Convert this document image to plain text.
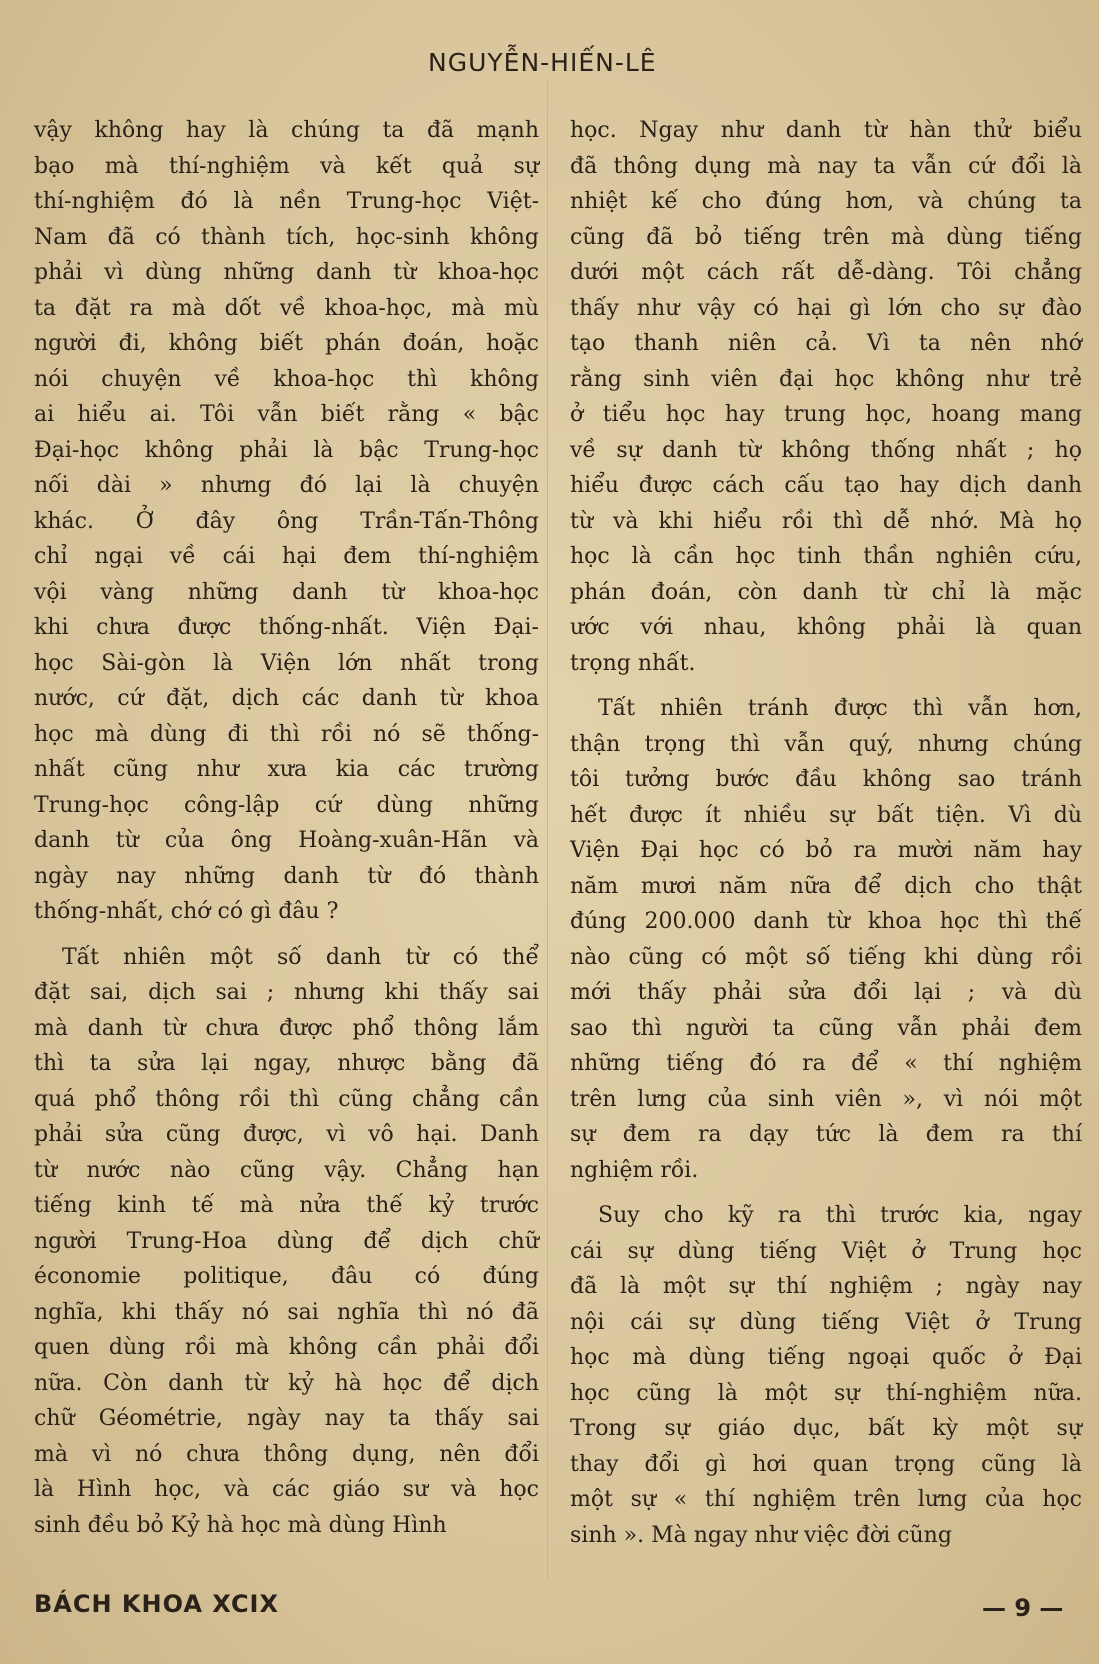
NGUYỄN-HIẾN-LÊ
vậy không hay là chúng ta đã mạnh
bạo mà thí-nghiệm và kết quả sự
thí-nghiệm đó là nền Trung-học Việt-
Nam đã có thành tích, học-sinh không
phải vì dùng những danh từ khoa-học
ta đặt ra mà dốt về khoa-học, mà mù
người đi, không biết phán đoán, hoặc
nói chuyện về khoa-học thì không
ai hiểu ai. Tôi vẫn biết rằng « bậc
Đại-học không phải là bậc Trung-học
nối dài » nhưng đó lại là chuyện
khác. Ở đây ông Trần-Tấn-Thông
chỉ ngại về cái hại đem thí-nghiệm
vội vàng những danh từ khoa-học
khi chưa được thống-nhất. Viện Đại-
học Sài-gòn là Viện lớn nhất trong
nước, cứ đặt, dịch các danh từ khoa
học mà dùng đi thì rồi nó sẽ thống-
nhất cũng như xưa kia các trường
Trung-học công-lập cứ dùng những
danh từ của ông Hoàng-xuân-Hãn và
ngày nay những danh từ đó thành
thống-nhất, chớ có gì đâu ?
Tất nhiên một số danh từ có thể
đặt sai, dịch sai ; nhưng khi thấy sai
mà danh từ chưa được phổ thông lắm
thì ta sửa lại ngay, nhược bằng đã
quá phổ thông rồi thì cũng chẳng cần
phải sửa cũng được, vì vô hại. Danh
từ nước nào cũng vậy. Chẳng hạn
tiếng kinh tế mà nửa thế kỷ trước
người Trung-Hoa dùng để dịch chữ
économie politique, đâu có đúng
nghĩa, khi thấy nó sai nghĩa thì nó đã
quen dùng rồi mà không cần phải đổi
nữa. Còn danh từ kỷ hà học để dịch
chữ Géométrie, ngày nay ta thấy sai
mà vì nó chưa thông dụng, nên đổi
là Hình học, và các giáo sư và học
sinh đều bỏ Kỷ hà học mà dùng Hình
học. Ngay như danh từ hàn thử biểu
đã thông dụng mà nay ta vẫn cứ đổi là
nhiệt kế cho đúng hơn, và chúng ta
cũng đã bỏ tiếng trên mà dùng tiếng
dưới một cách rất dễ-dàng. Tôi chẳng
thấy như vậy có hại gì lớn cho sự đào
tạo thanh niên cả. Vì ta nên nhớ
rằng sinh viên đại học không như trẻ
ở tiểu học hay trung học, hoang mang
về sự danh từ không thống nhất ; họ
hiểu được cách cấu tạo hay dịch danh
từ và khi hiểu rồi thì dễ nhớ. Mà họ
học là cần học tinh thần nghiên cứu,
phán đoán, còn danh từ chỉ là mặc
ước với nhau, không phải là quan
trọng nhất.
Tất nhiên tránh được thì vẫn hơn,
thận trọng thì vẫn quý, nhưng chúng
tôi tưởng bước đầu không sao tránh
hết được ít nhiều sự bất tiện. Vì dù
Viện Đại học có bỏ ra mười năm hay
năm mươi năm nữa để dịch cho thật
đúng 200.000 danh từ khoa học thì thế
nào cũng có một số tiếng khi dùng rồi
mới thấy phải sửa đổi lại ; và dù
sao thì người ta cũng vẫn phải đem
những tiếng đó ra để « thí nghiệm
trên lưng của sinh viên », vì nói một
sự đem ra dạy tức là đem ra thí
nghiệm rồi.
Suy cho kỹ ra thì trước kia, ngay
cái sự dùng tiếng Việt ở Trung học
đã là một sự thí nghiệm ; ngày nay
nội cái sự dùng tiếng Việt ở Trung
học mà dùng tiếng ngoại quốc ở Đại
học cũng là một sự thí-nghiệm nữa.
Trong sự giáo dục, bất kỳ một sự
thay đổi gì hơi quan trọng cũng là
một sự « thí nghiệm trên lưng của học
sinh ». Mà ngay như việc đời cũng
BÁCH KHOA XCIX	— 9 —
